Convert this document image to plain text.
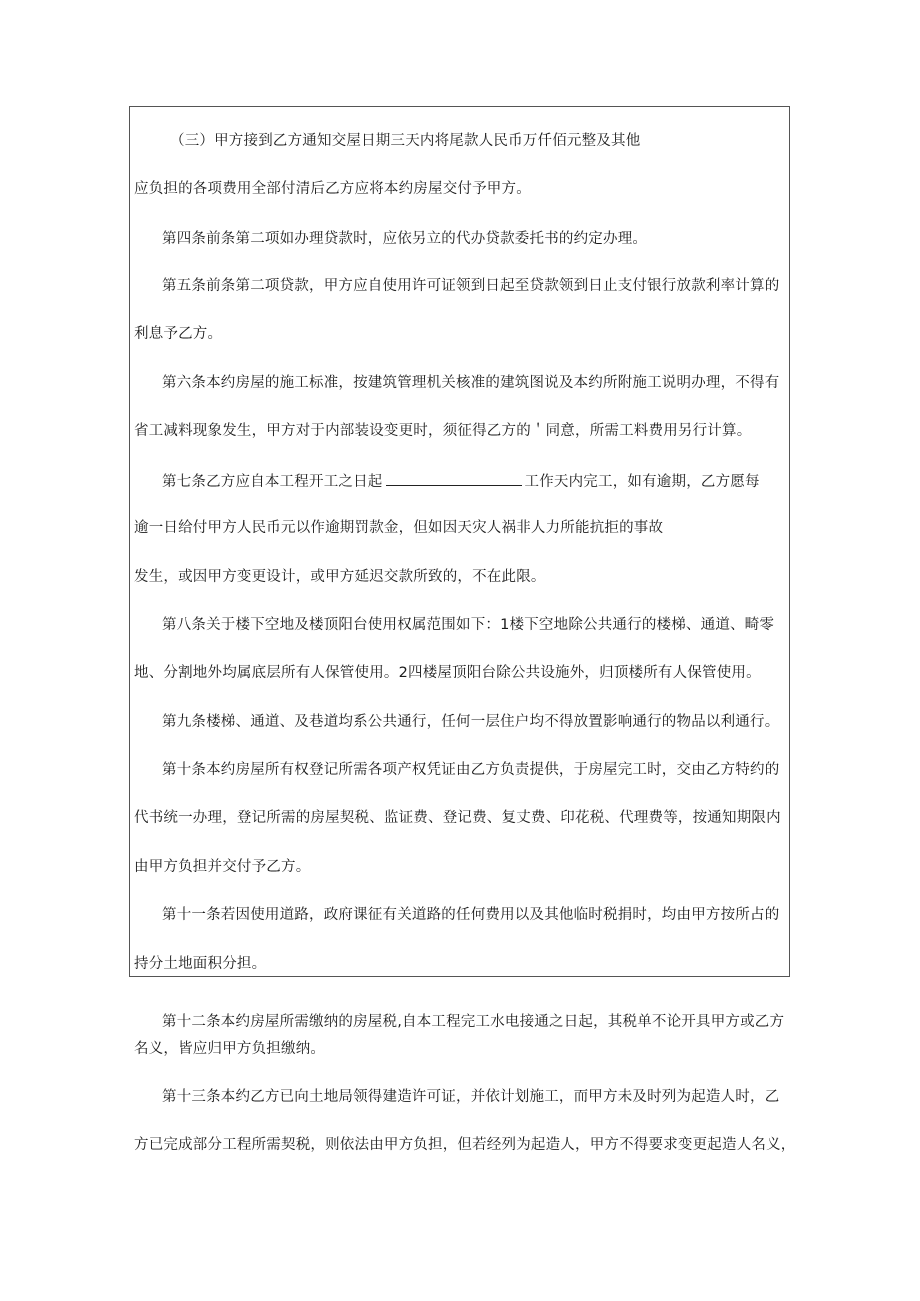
（三）甲方接到乙方通知交屋日期三天内将尾款人民币万仟佰元整及其他
应负担的各项费用全部付清后乙方应将本约房屋交付予甲方。
第四条前条第二项如办理贷款时，应依另立的代办贷款委托书的约定办理。
第五条前条第二项贷款，甲方应自使用许可证领到日起至贷款领到日止支付银行放款利率计算的
利息予乙方。
第六条本约房屋的施工标准，按建筑管理机关核准的建筑图说及本约所附施工说明办理，不得有
省工减料现象发生，甲方对于内部装设变更时，须征得乙方的＇同意，所需工料费用另行计算。
第七条乙方应自本工程开工之日起	工作天内完工，如有逾期，乙方愿每
逾一日给付甲方人民币元以作逾期罚款金，但如因天灾人祸非人力所能抗拒的事故
发生，或因甲方变更设计，或甲方延迟交款所致的，不在此限。
第八条关于楼下空地及楼顶阳台使用权属范围如下：1楼下空地除公共通行的楼梯、通道、畸零
地、分割地外均属底层所有人保管使用。2四楼屋顶阳台除公共设施外，归顶楼所有人保管使用。
第九条楼梯、通道、及巷道均系公共通行，任何一层住户均不得放置影响通行的物品以利通行。
第十条本约房屋所有权登记所需各项产权凭证由乙方负责提供，于房屋完工时，交由乙方特约的
代书统一办理，登记所需的房屋契税、监证费、登记费、复丈费、印花税、代理费等，按通知期限内
由甲方负担并交付予乙方。
第十一条若因使用道路，政府课征有关道路的任何费用以及其他临时税捐时，均由甲方按所占的
持分土地面积分担。
第十二条本约房屋所需缴纳的房屋税,自本工程完工水电接通之日起，其税单不论开具甲方或乙方
名义，皆应归甲方负担缴纳。
第十三条本约乙方已向土地局领得建造许可证，并依计划施工，而甲方未及时列为起造人时，乙
方已完成部分工程所需契税，则依法由甲方负担，但若经列为起造人，甲方不得要求变更起造人名义，
